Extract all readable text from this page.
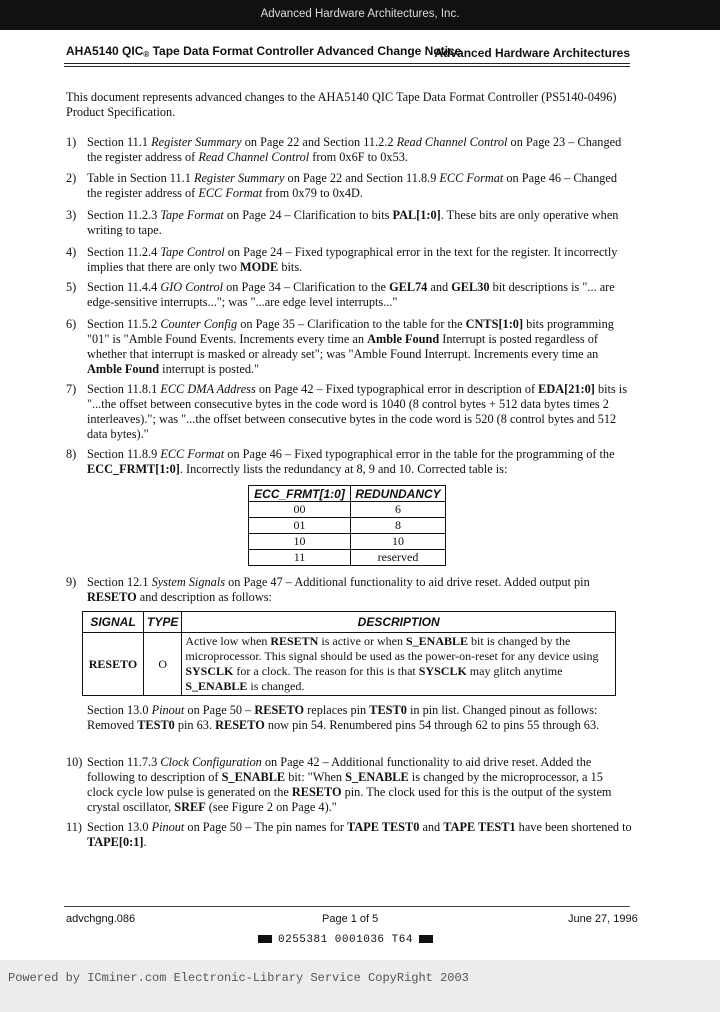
Advanced Hardware Architectures, Inc.
AHA5140 $QIC_®$ Tape Data Format Controller Advanced Change Notice
Advanced Hardware Architectures
This document represents advanced changes to the AHA5140 QIC Tape Data Format Controller (PS5140-0496) Product Specification.
1) Section 11.1 Register Summary on Page 22 and Section 11.2.2 Read Channel Control on Page 23 – Changed the register address of Read Channel Control from 0x6F to 0x53.
2) Table in Section 11.1 Register Summary on Page 22 and Section 11.8.9 ECC Format on Page 46 – Changed the register address of ECC Format from 0x79 to 0x4D.
3) Section 11.2.3 Tape Format on Page 24 – Clarification to bits PAL[1:0]. These bits are only operative when writing to tape.
4) Section 11.2.4 Tape Control on Page 24 – Fixed typographical error in the text for the register. It incorrectly implies that there are only two MODE bits.
5) Section 11.4.4 GIO Control on Page 34 – Clarification to the GEL74 and GEL30 bit descriptions is "... are edge-sensitive interrupts..."; was "...are edge level interrupts..."
6) Section 11.5.2 Counter Config on Page 35 – Clarification to the table for the CNTS[1:0] bits programming "01" is "Amble Found Events. Increments every time an Amble Found Interrupt is posted regardless of whether that interrupt is masked or already set"; was "Amble Found Interrupt. Increments every time an Amble Found interrupt is posted."
7) Section 11.8.1 ECC DMA Address on Page 42 – Fixed typographical error in description of EDA[21:0] bits is "...the offset between consecutive bytes in the code word is 1040 (8 control bytes + 512 data bytes times 2 interleaves)."; was "...the offset between consecutive bytes in the code word is 520 (8 control bytes and 512 data bytes)."
8) Section 11.8.9 ECC Format on Page 46 – Fixed typographical error in the table for the programming of the ECC_FRMT[1:0]. Incorrectly lists the redundancy at 8, 9 and 10. Corrected table is:
9) Section 12.1 System Signals on Page 47 – Additional functionality to aid drive reset. Added output pin RESETO and description as follows:
Section 13.0 Pinout on Page 50 – RESETO replaces pin TEST0 in pin list. Changed pinout as follows: Removed TEST0 pin 63. RESETO now pin 54. Renumbered pins 54 through 62 to pins 55 through 63.
10) Section 11.7.3 Clock Configuration on Page 42 – Additional functionality to aid drive reset. Added the following to description of S_ENABLE bit: "When S_ENABLE is changed by the microprocessor, a 15 clock cycle low pulse is generated on the RESETO pin. The clock used for this is the output of the system crystal oscillator, SREF (see Figure 2 on Page 4)."
11) Section 13.0 Pinout on Page 50 – The pin names for TAPE TEST0 and TAPE TEST1 have been shortened to TAPE[0:1].
ECC_FRMT[1:0]	REDUNDANCY
00	6
01	8
10	10
11	reserved
SIGNAL	TYPE	DESCRIPTION
RESETO	O	Active low when RESETN is active or when S_ENABLE bit is changed by the microprocessor. This signal should be used as the power-on-reset for any device using SYSCLK for a clock. The reason for this is that SYSCLK may glitch anytime S_ENABLE is changed.
advchgng.086	Page 1 of 5	June 27, 1996
0255381 0001036 T64
Powered by ICminer.com Electronic-Library Service CopyRight 2003
